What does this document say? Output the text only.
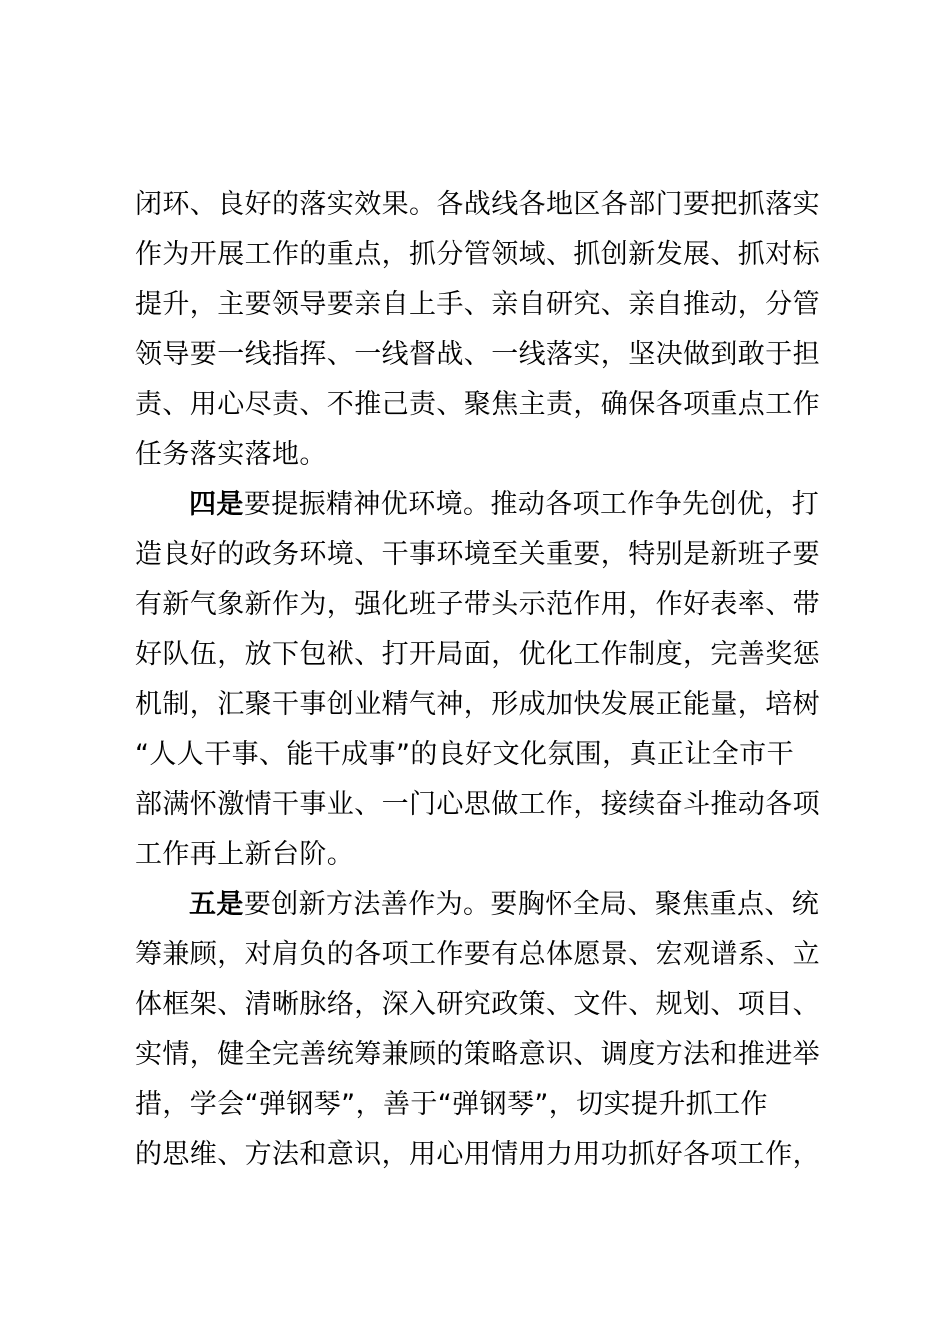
闭环、良好的落实效果。各战线各地区各部门要把抓落实
作为开展工作的重点，抓分管领域、抓创新发展、抓对标
提升，主要领导要亲自上手、亲自研究、亲自推动，分管
领导要一线指挥、一线督战、一线落实，坚决做到敢于担
责、用心尽责、不推己责、聚焦主责，确保各项重点工作
任务落实落地。

四是要提振精神优环境。推动各项工作争先创优，打
造良好的政务环境、干事环境至关重要，特别是新班子要
有新气象新作为，强化班子带头示范作用，作好表率、带
好队伍，放下包袱、打开局面，优化工作制度，完善奖惩
机制，汇聚干事创业精气神，形成加快发展正能量，培树
“人人干事、能干成事”的良好文化氛围，真正让全市干
部满怀激情干事业、一门心思做工作，接续奋斗推动各项
工作再上新台阶。

五是要创新方法善作为。要胸怀全局、聚焦重点、统
筹兼顾，对肩负的各项工作要有总体愿景、宏观谱系、立
体框架、清晰脉络，深入研究政策、文件、规划、项目、
实情，健全完善统筹兼顾的策略意识、调度方法和推进举
措，学会“弹钢琴”，善于“弹钢琴”，切实提升抓工作
的思维、方法和意识，用心用情用力用功抓好各项工作，
